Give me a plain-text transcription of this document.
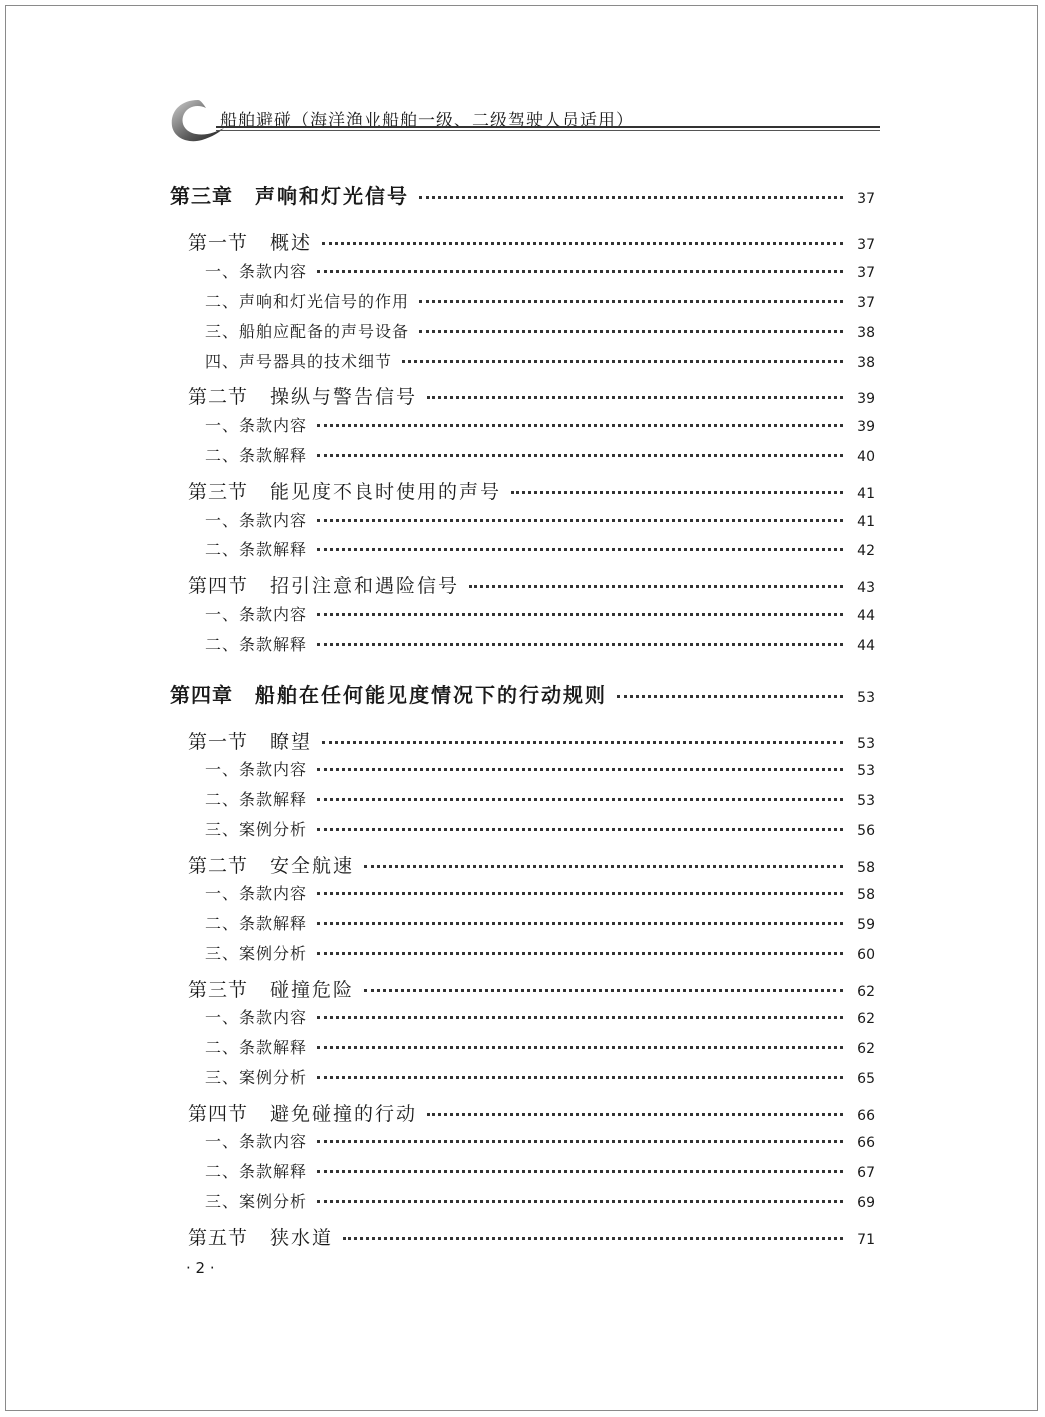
船舶避碰（海洋渔业船舶一级、二级驾驶人员适用）
第三章 声响和灯光信号	37
第一节 概述	37
一、条款内容	37
二、声响和灯光信号的作用	37
三、船舶应配备的声号设备	38
四、声号器具的技术细节	38
第二节 操纵与警告信号	39
一、条款内容	39
二、条款解释	40
第三节 能见度不良时使用的声号	41
一、条款内容	41
二、条款解释	42
第四节 招引注意和遇险信号	43
一、条款内容	44
二、条款解释	44
第四章 船舶在任何能见度情况下的行动规则	53
第一节 瞭望	53
一、条款内容	53
二、条款解释	53
三、案例分析	56
第二节 安全航速	58
一、条款内容	58
二、条款解释	59
三、案例分析	60
第三节 碰撞危险	62
一、条款内容	62
二、条款解释	62
三、案例分析	65
第四节 避免碰撞的行动	66
一、条款内容	66
二、条款解释	67
三、案例分析	69
第五节 狭水道	71
· 2 ·
